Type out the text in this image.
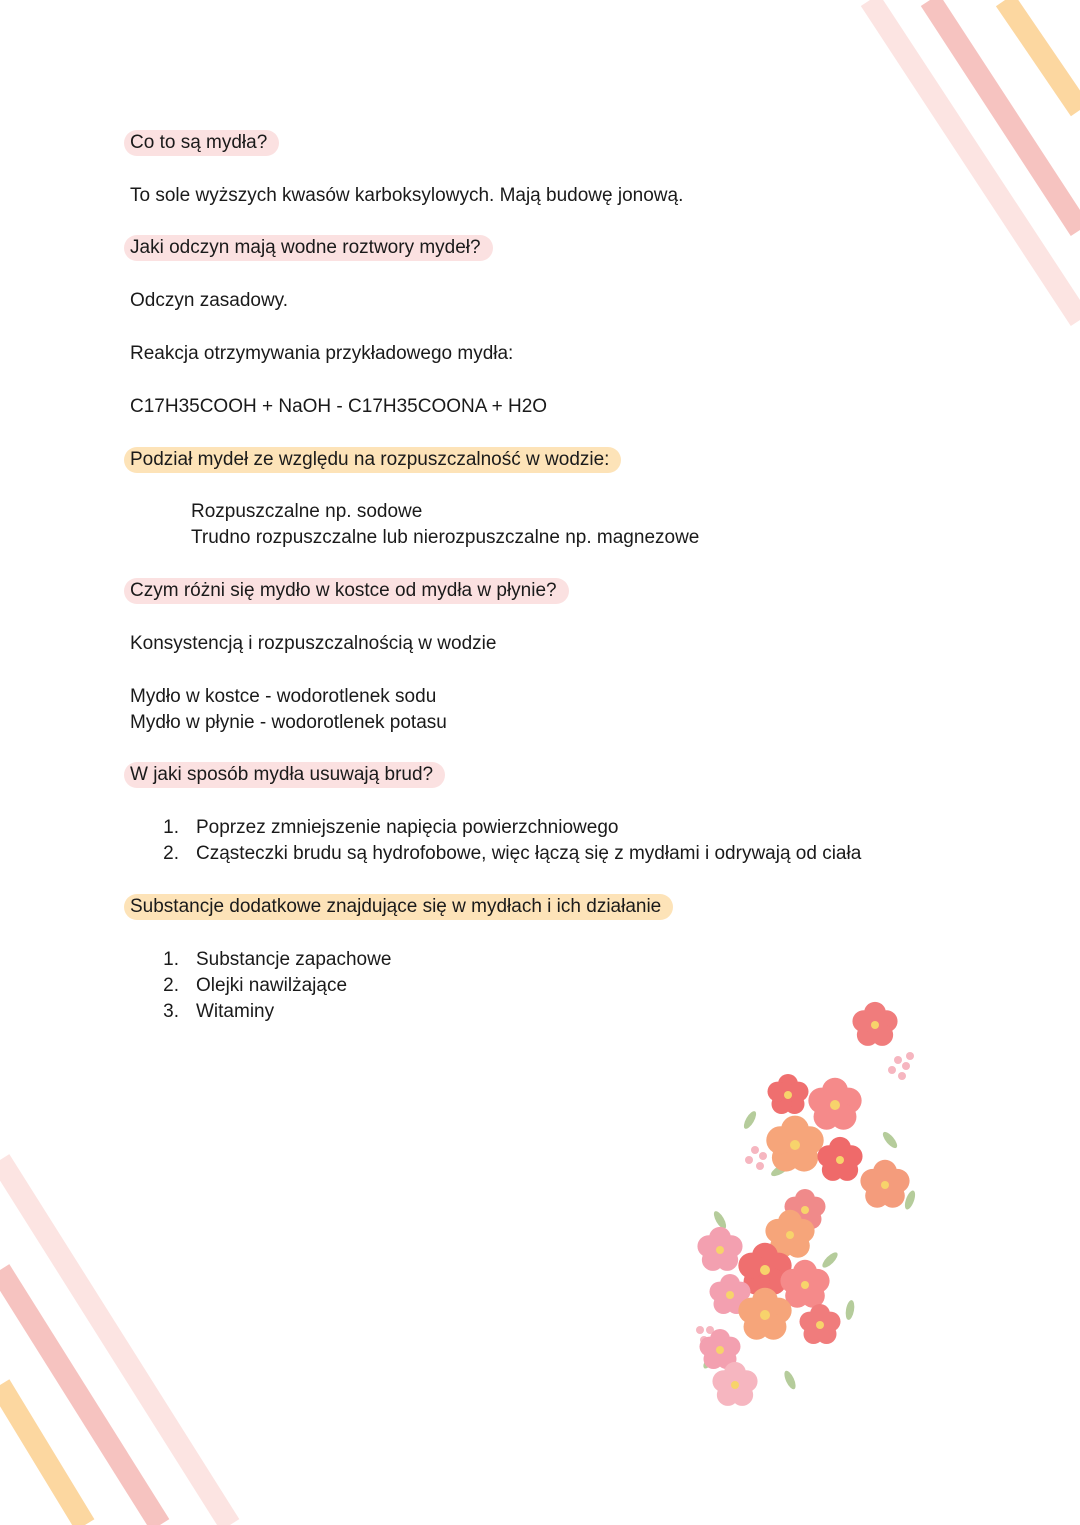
Co to są mydła?
To sole wyższych kwasów karboksylowych. Mają budowę jonową.
Jaki odczyn mają wodne roztwory mydeł?
Odczyn zasadowy.
Reakcja otrzymywania przykładowego mydła:
C17H35COOH + NaOH - C17H35COONA + H2O
Podział mydeł ze względu na rozpuszczalność w wodzie:
Rozpuszczalne np. sodowe
Trudno rozpuszczalne lub nierozpuszczalne np. magnezowe
Czym różni się mydło w kostce od mydła w płynie?
Konsystencją i rozpuszczalnością w wodzie
Mydło w kostce - wodorotlenek sodu
Mydło w płynie - wodorotlenek potasu
W jaki sposób mydła usuwają brud?
1. Poprzez zmniejszenie napięcia powierzchniowego
2. Cząsteczki brudu są hydrofobowe, więc łączą się z mydłami i odrywają od ciała
Substancje dodatkowe znajdujące się w mydłach i ich działanie
1. Substancje zapachowe
2. Olejki nawilżające
3. Witaminy
